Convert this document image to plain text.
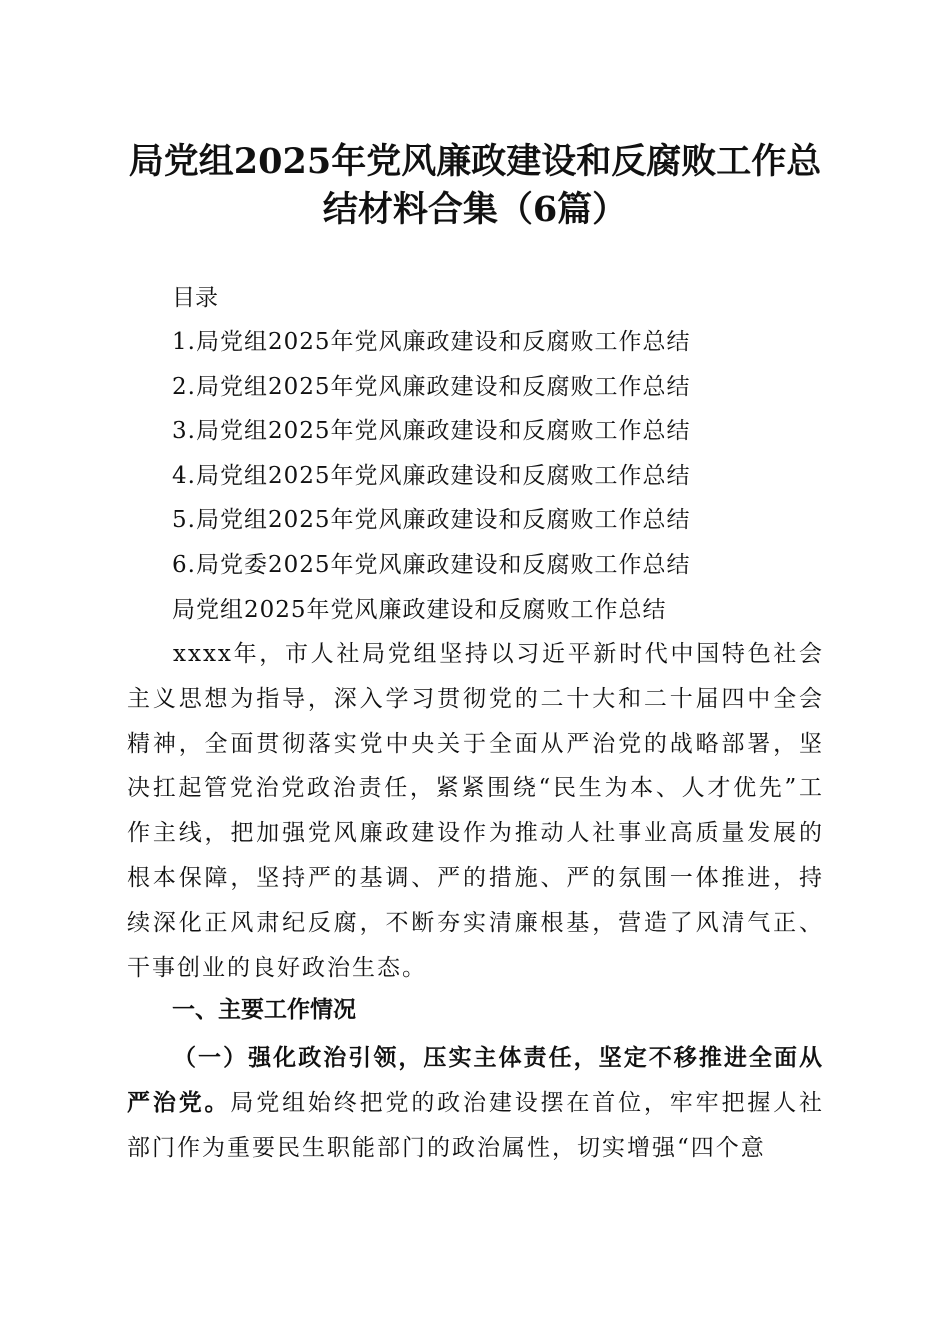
局党组2025年党风廉政建设和反腐败工作总
结材料合集（6篇）
目录
1.局党组2025年党风廉政建设和反腐败工作总结
2.局党组2025年党风廉政建设和反腐败工作总结
3.局党组2025年党风廉政建设和反腐败工作总结
4.局党组2025年党风廉政建设和反腐败工作总结
5.局党组2025年党风廉政建设和反腐败工作总结
6.局党委2025年党风廉政建设和反腐败工作总结
局党组2025年党风廉政建设和反腐败工作总结

xxxx年，市人社局党组坚持以习近平新时代中国特色社会主义思想为指导，深入学习贯彻党的二十大和二十届四中全会精神，全面贯彻落实党中央关于全面从严治党的战略部署，坚决扛起管党治党政治责任，紧紧围绕“民生为本、人才优先”工作主线，把加强党风廉政建设作为推动人社事业高质量发展的根本保障，坚持严的基调、严的措施、严的氛围一体推进，持续深化正风肃纪反腐，不断夯实清廉根基，营造了风清气正、干事创业的良好政治生态。

一、主要工作情况

（一）强化政治引领，压实主体责任，坚定不移推进全面从严治党。局党组始终把党的政治建设摆在首位，牢牢把握人社部门作为重要民生职能部门的政治属性，切实增强“四个意
